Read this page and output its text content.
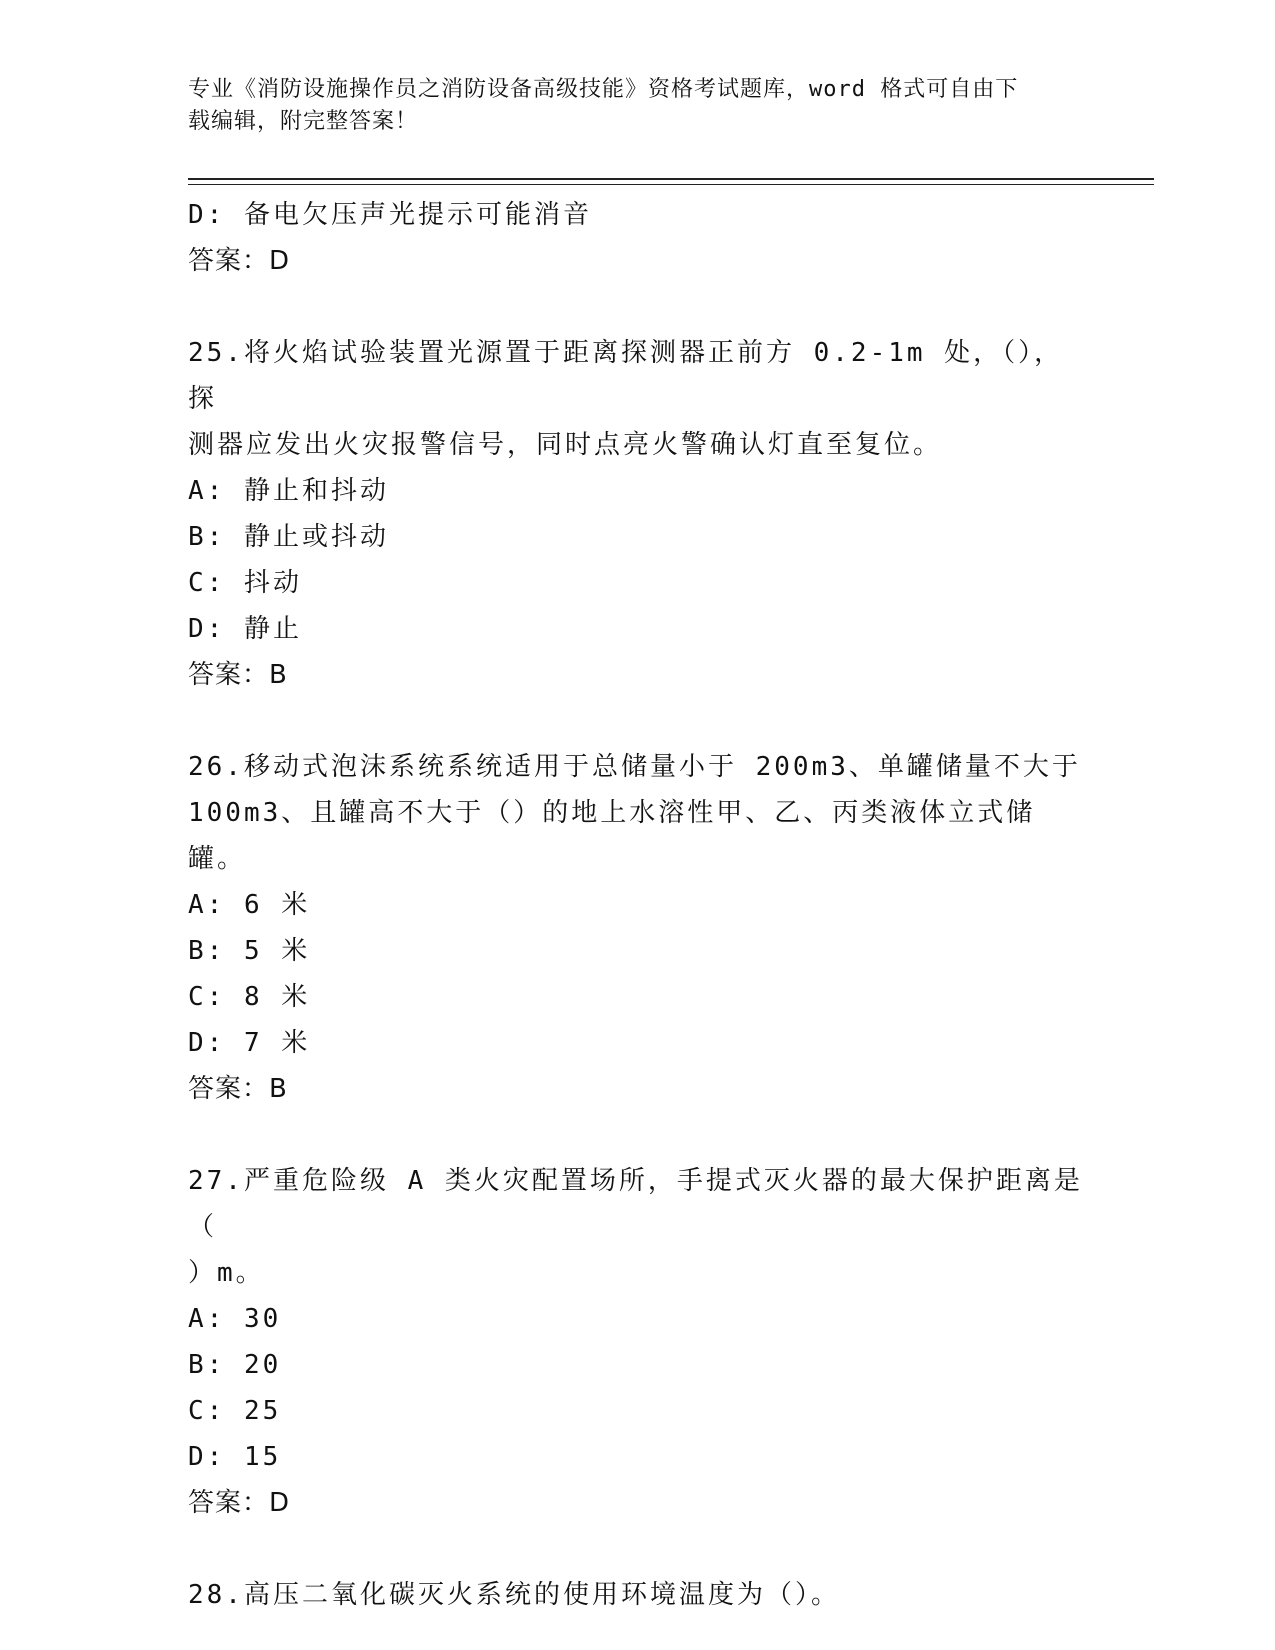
专业《消防设施操作员之消防设备高级技能》资格考试题库，word 格式可自由下
载编辑，附完整答案！
D: 备电欠压声光提示可能消音
答案：D
25.将火焰试验装置光源置于距离探测器正前方 0.2-1m 处，（），探
测器应发出火灾报警信号，同时点亮火警确认灯直至复位。
A: 静止和抖动
B: 静止或抖动
C: 抖动
D: 静止
答案：B
26.移动式泡沫系统系统适用于总储量小于 200m3、单罐储量不大于
100m3、且罐高不大于（）的地上水溶性甲、乙、丙类液体立式储罐。
A: 6 米
B: 5 米
C: 8 米
D: 7 米
答案：B
27.严重危险级 A 类火灾配置场所，手提式灭火器的最大保护距离是（
）m。
A: 30
B: 20
C: 25
D: 15
答案：D
28.高压二氧化碳灭火系统的使用环境温度为（）。
